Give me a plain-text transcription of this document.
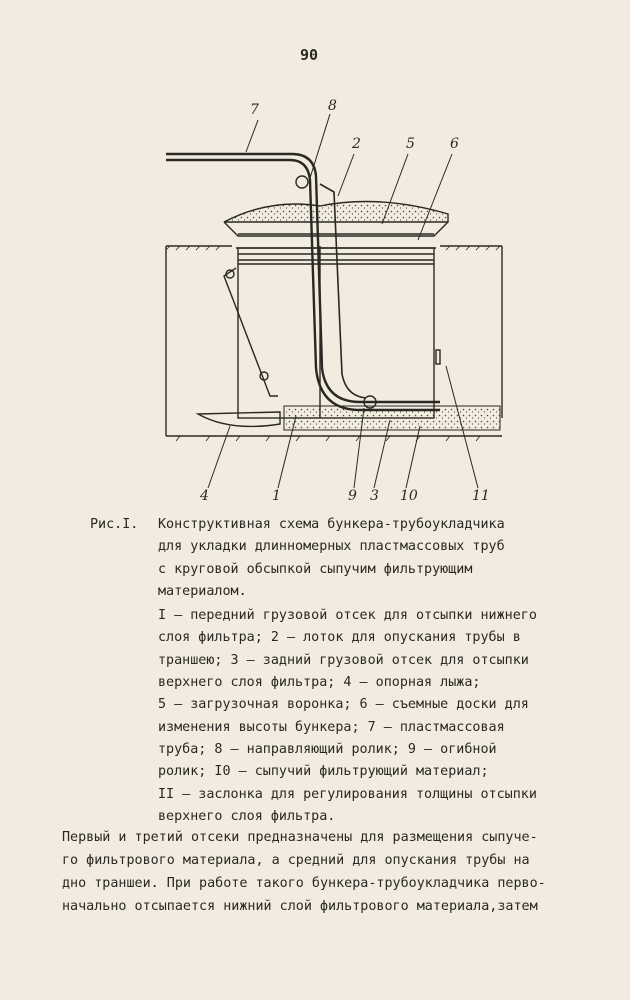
90
7	8
2	5	6
4	1	9 3 10	11
Рис.I.	Конструктивная схема бункера-трубоукладчика
для укладки длинномерных пластмассовых труб
с круговой обсыпкой сыпучим фильтрующим
материалом.
I – передний грузовой отсек для отсыпки нижнего
слоя фильтра; 2 – лоток для опускания трубы в
траншею; 3 – задний грузовой отсек для отсыпки
верхнего слоя фильтра; 4 – опорная лыжа;
5 – загрузочная воронка; 6 – съемные доски для
изменения высоты бункера; 7 – пластмассовая
труба; 8 – направляющий ролик; 9 – огибной
ролик; I0 – сыпучий фильтрующий материал;
II – заслонка для регулирования толщины отсыпки
верхнего слоя фильтра.
Первый и третий отсеки предназначены для размещения сыпуче-
го фильтрового материала, а средний для опускания трубы на
дно траншеи. При работе такого бункера-трубоукладчика перво-
начально отсыпается нижний слой фильтрового материала,затем
